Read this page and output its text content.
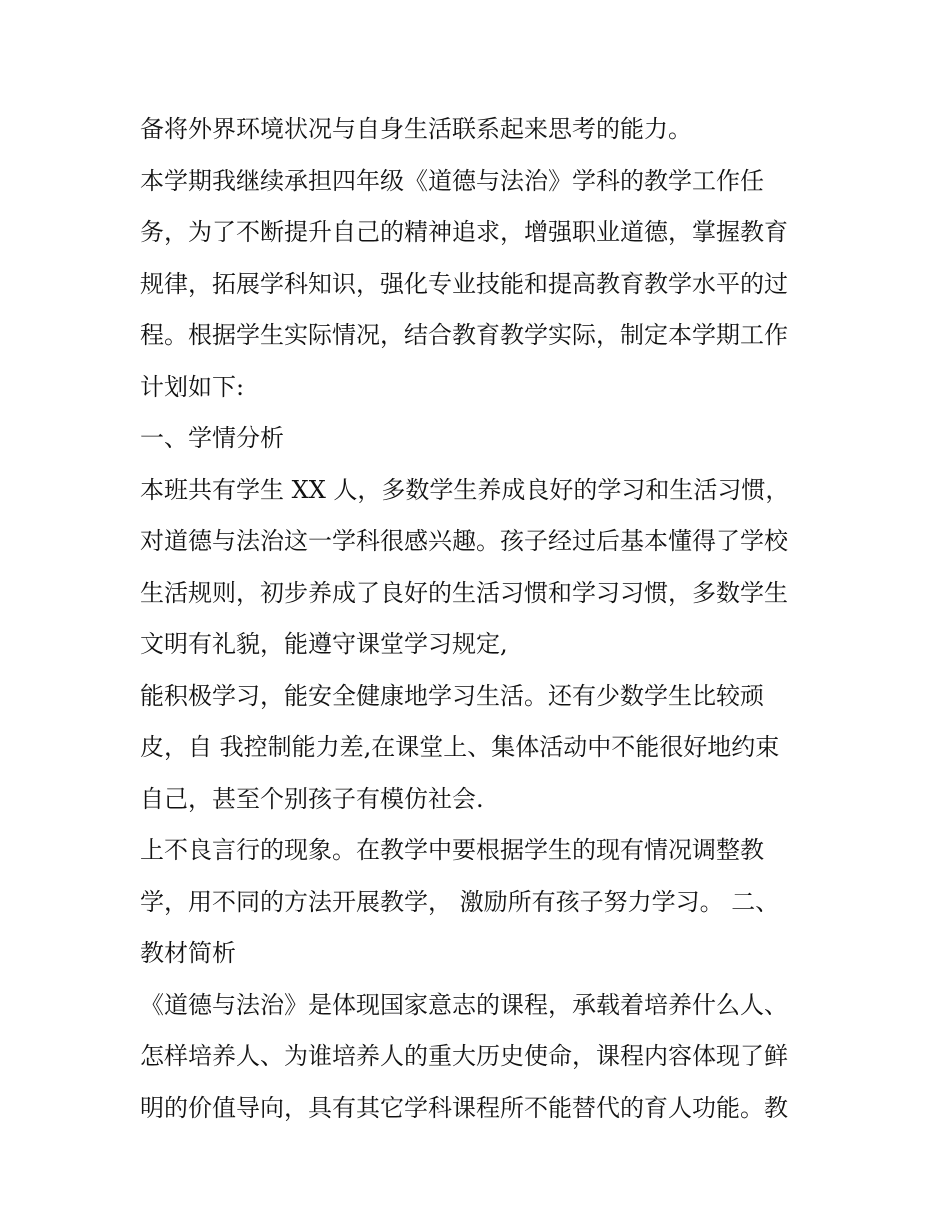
备将外界环境状况与自身生活联系起来思考的能力。
本学期我继续承担四年级《道德与法治》学科的教学工作任
务，为了不断提升自己的精神追求，增强职业道德，掌握教育
规律，拓展学科知识，强化专业技能和提高教育教学水平的过
程。根据学生实际情况，结合教育教学实际，制定本学期工作
计划如下:
一、学情分析
本班共有学生 XX 人，多数学生养成良好的学习和生活习惯，
对道德与法治这一学科很感兴趣。孩子经过后基本懂得了学校
生活规则，初步养成了良好的生活习惯和学习习惯，多数学生
文明有礼貌，能遵守课堂学习规定,
能积极学习，能安全健康地学习生活。还有少数学生比较顽
皮，自 我控制能力差,在课堂上、集体活动中不能很好地约束
自己，甚至个别孩子有模仿社会.
上不良言行的现象。在教学中要根据学生的现有情况调整教
学，用不同的方法开展教学， 激励所有孩子努力学习。 二、
教材简析
《道德与法治》是体现国家意志的课程，承载着培养什么人、
怎样培养人、为谁培养人的重大历史使命，课程内容体现了鲜
明的价值导向，具有其它学科课程所不能替代的育人功能。教
